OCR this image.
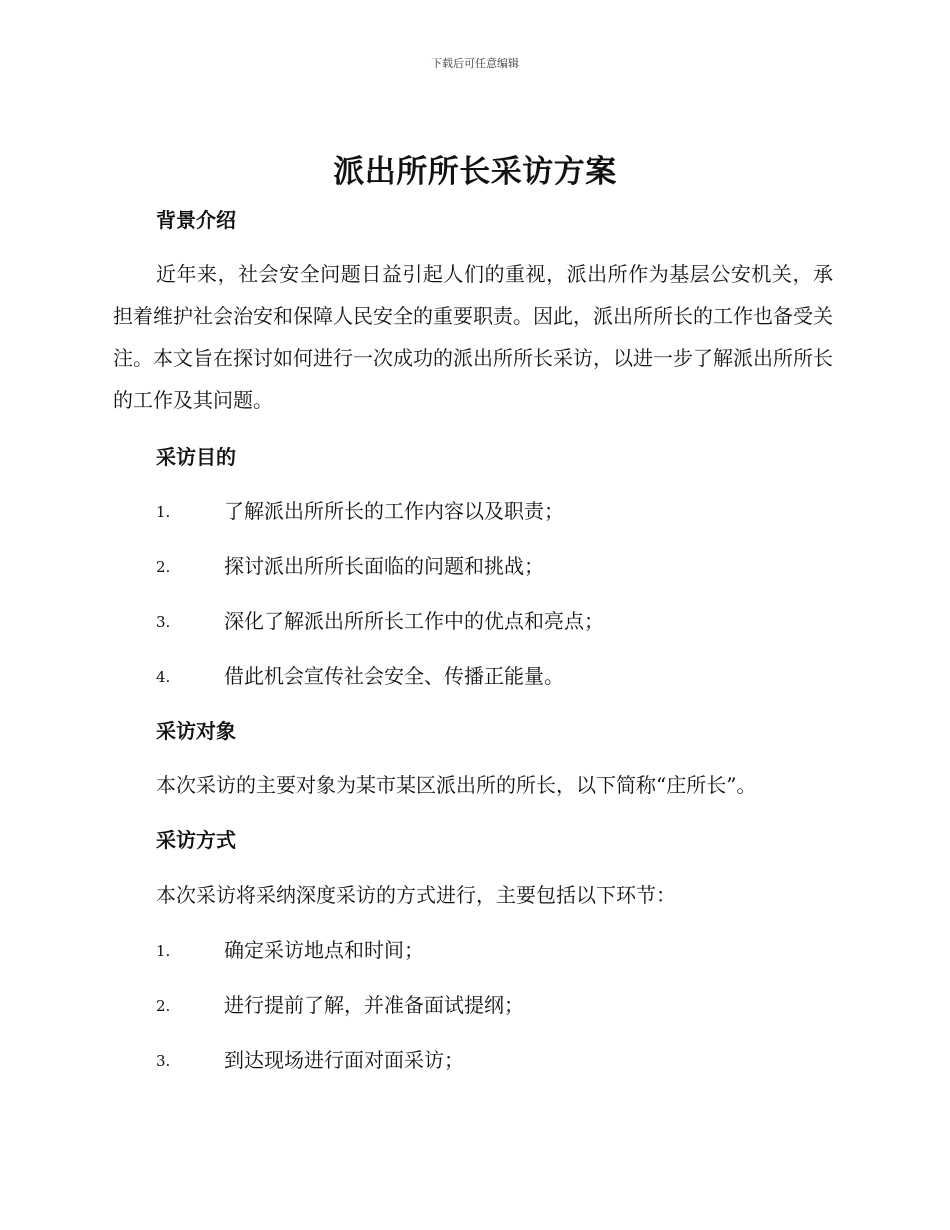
下载后可任意编辑
派出所所长采访方案
背景介绍

近年来，社会安全问题日益引起人们的重视，派出所作为基层公安机关，承担着维护社会治安和保障人民安全的重要职责。因此，派出所所长的工作也备受关注。本文旨在探讨如何进行一次成功的派出所所长采访，以进一步了解派出所所长的工作及其问题。

采访目的
1.	了解派出所所长的工作内容以及职责；
2.	探讨派出所所长面临的问题和挑战；
3.	深化了解派出所所长工作中的优点和亮点；
4.	借此机会宣传社会安全、传播正能量。
采访对象

本次采访的主要对象为某市某区派出所的所长，以下简称“庄所长”。

采访方式

本次采访将采纳深度采访的方式进行，主要包括以下环节：

1.	确定采访地点和时间；
2.	进行提前了解，并准备面试提纲；
3.	到达现场进行面对面采访；
